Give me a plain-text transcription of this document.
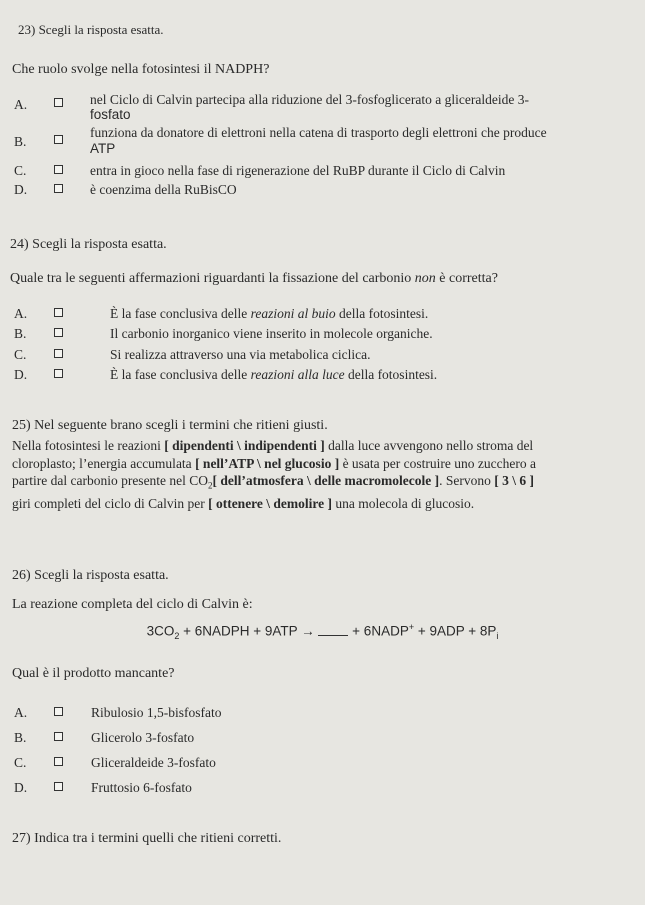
23) Scegli la risposta esatta.
Che ruolo svolge nella fotosintesi il NADPH?
A.	nel Ciclo di Calvin partecipa alla riduzione del 3-fosfoglicerato a gliceraldeide 3-
fosfato
B.
funziona da donatore di elettroni nella catena di trasporto degli elettroni che produce
ATP
C.	entra in gioco nella fase di rigenerazione del RuBP durante il Ciclo di Calvin
D.	è coenzima della RuBisCO
24) Scegli la risposta esatta.
Quale tra le seguenti affermazioni riguardanti la fissazione del carbonio non è corretta?
A.	È la fase conclusiva delle reazioni al buio della fotosintesi.
B.	Il carbonio inorganico viene inserito in molecole organiche.
C.	Si realizza attraverso una via metabolica ciclica.
D.	È la fase conclusiva delle reazioni alla luce della fotosintesi.
25) Nel seguente brano scegli i termini che ritieni giusti.
Nella fotosintesi le reazioni [ dipendenti \ indipendenti ] dalla luce avvengono nello stroma del
cloroplasto; l’energia accumulata [ nell’ATP \ nel glucosio ] è usata per costruire uno zucchero a
partire dal carbonio presente nel $CO_2$[ dell’atmosfera \ delle macromolecole ]. Servono [ 3 \ 6 ]
giri completi del ciclo di Calvin per [ ottenere \ demolire ] una molecola di glucosio.
26) Scegli la risposta esatta.
La reazione completa del ciclo di Calvin è:
$3CO_2$ + 6NADPH + 9ATP →  + 6NADP+ + $9ADP + 8P_i$
Qual è il prodotto mancante?
A.	Ribulosio 1,5-bisfosfato
B.	Glicerolo 3-fosfato
C.	Gliceraldeide 3-fosfato
D.	Fruttosio 6-fosfato
27) Indica tra i termini quelli che ritieni corretti.
